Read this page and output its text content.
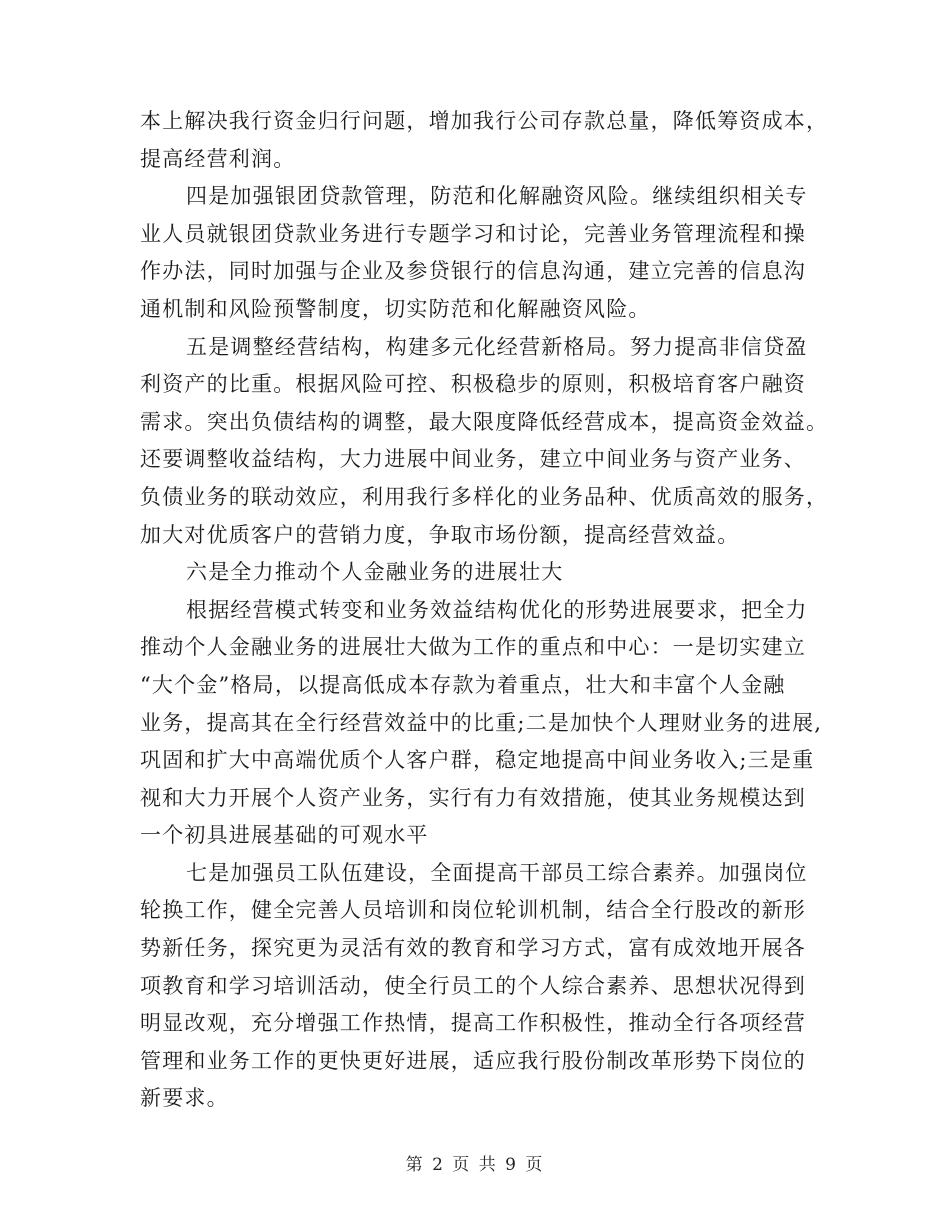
本上解决我行资金归行问题，增加我行公司存款总量，降低筹资成本，
提高经营利润。
四是加强银团贷款管理，防范和化解融资风险。继续组织相关专
业人员就银团贷款业务进行专题学习和讨论，完善业务管理流程和操
作办法，同时加强与企业及参贷银行的信息沟通，建立完善的信息沟
通机制和风险预警制度，切实防范和化解融资风险。
五是调整经营结构，构建多元化经营新格局。努力提高非信贷盈
利资产的比重。根据风险可控、积极稳步的原则，积极培育客户融资
需求。突出负债结构的调整，最大限度降低经营成本，提高资金效益。
还要调整收益结构，大力进展中间业务，建立中间业务与资产业务、
负债业务的联动效应，利用我行多样化的业务品种、优质高效的服务，
加大对优质客户的营销力度，争取市场份额，提高经营效益。
六是全力推动个人金融业务的进展壮大
根据经营模式转变和业务效益结构优化的形势进展要求，把全力
推动个人金融业务的进展壮大做为工作的重点和中心：一是切实建立
“大个金”格局，以提高低成本存款为着重点，壮大和丰富个人金融
业务，提高其在全行经营效益中的比重;二是加快个人理财业务的进展,
巩固和扩大中高端优质个人客户群，稳定地提高中间业务收入;三是重
视和大力开展个人资产业务，实行有力有效措施，使其业务规模达到
一个初具进展基础的可观水平
七是加强员工队伍建设，全面提高干部员工综合素养。加强岗位
轮换工作，健全完善人员培训和岗位轮训机制，结合全行股改的新形
势新任务，探究更为灵活有效的教育和学习方式，富有成效地开展各
项教育和学习培训活动，使全行员工的个人综合素养、思想状况得到
明显改观，充分增强工作热情，提高工作积极性，推动全行各项经营
管理和业务工作的更快更好进展，适应我行股份制改革形势下岗位的
新要求。
第 2 页 共 9 页
